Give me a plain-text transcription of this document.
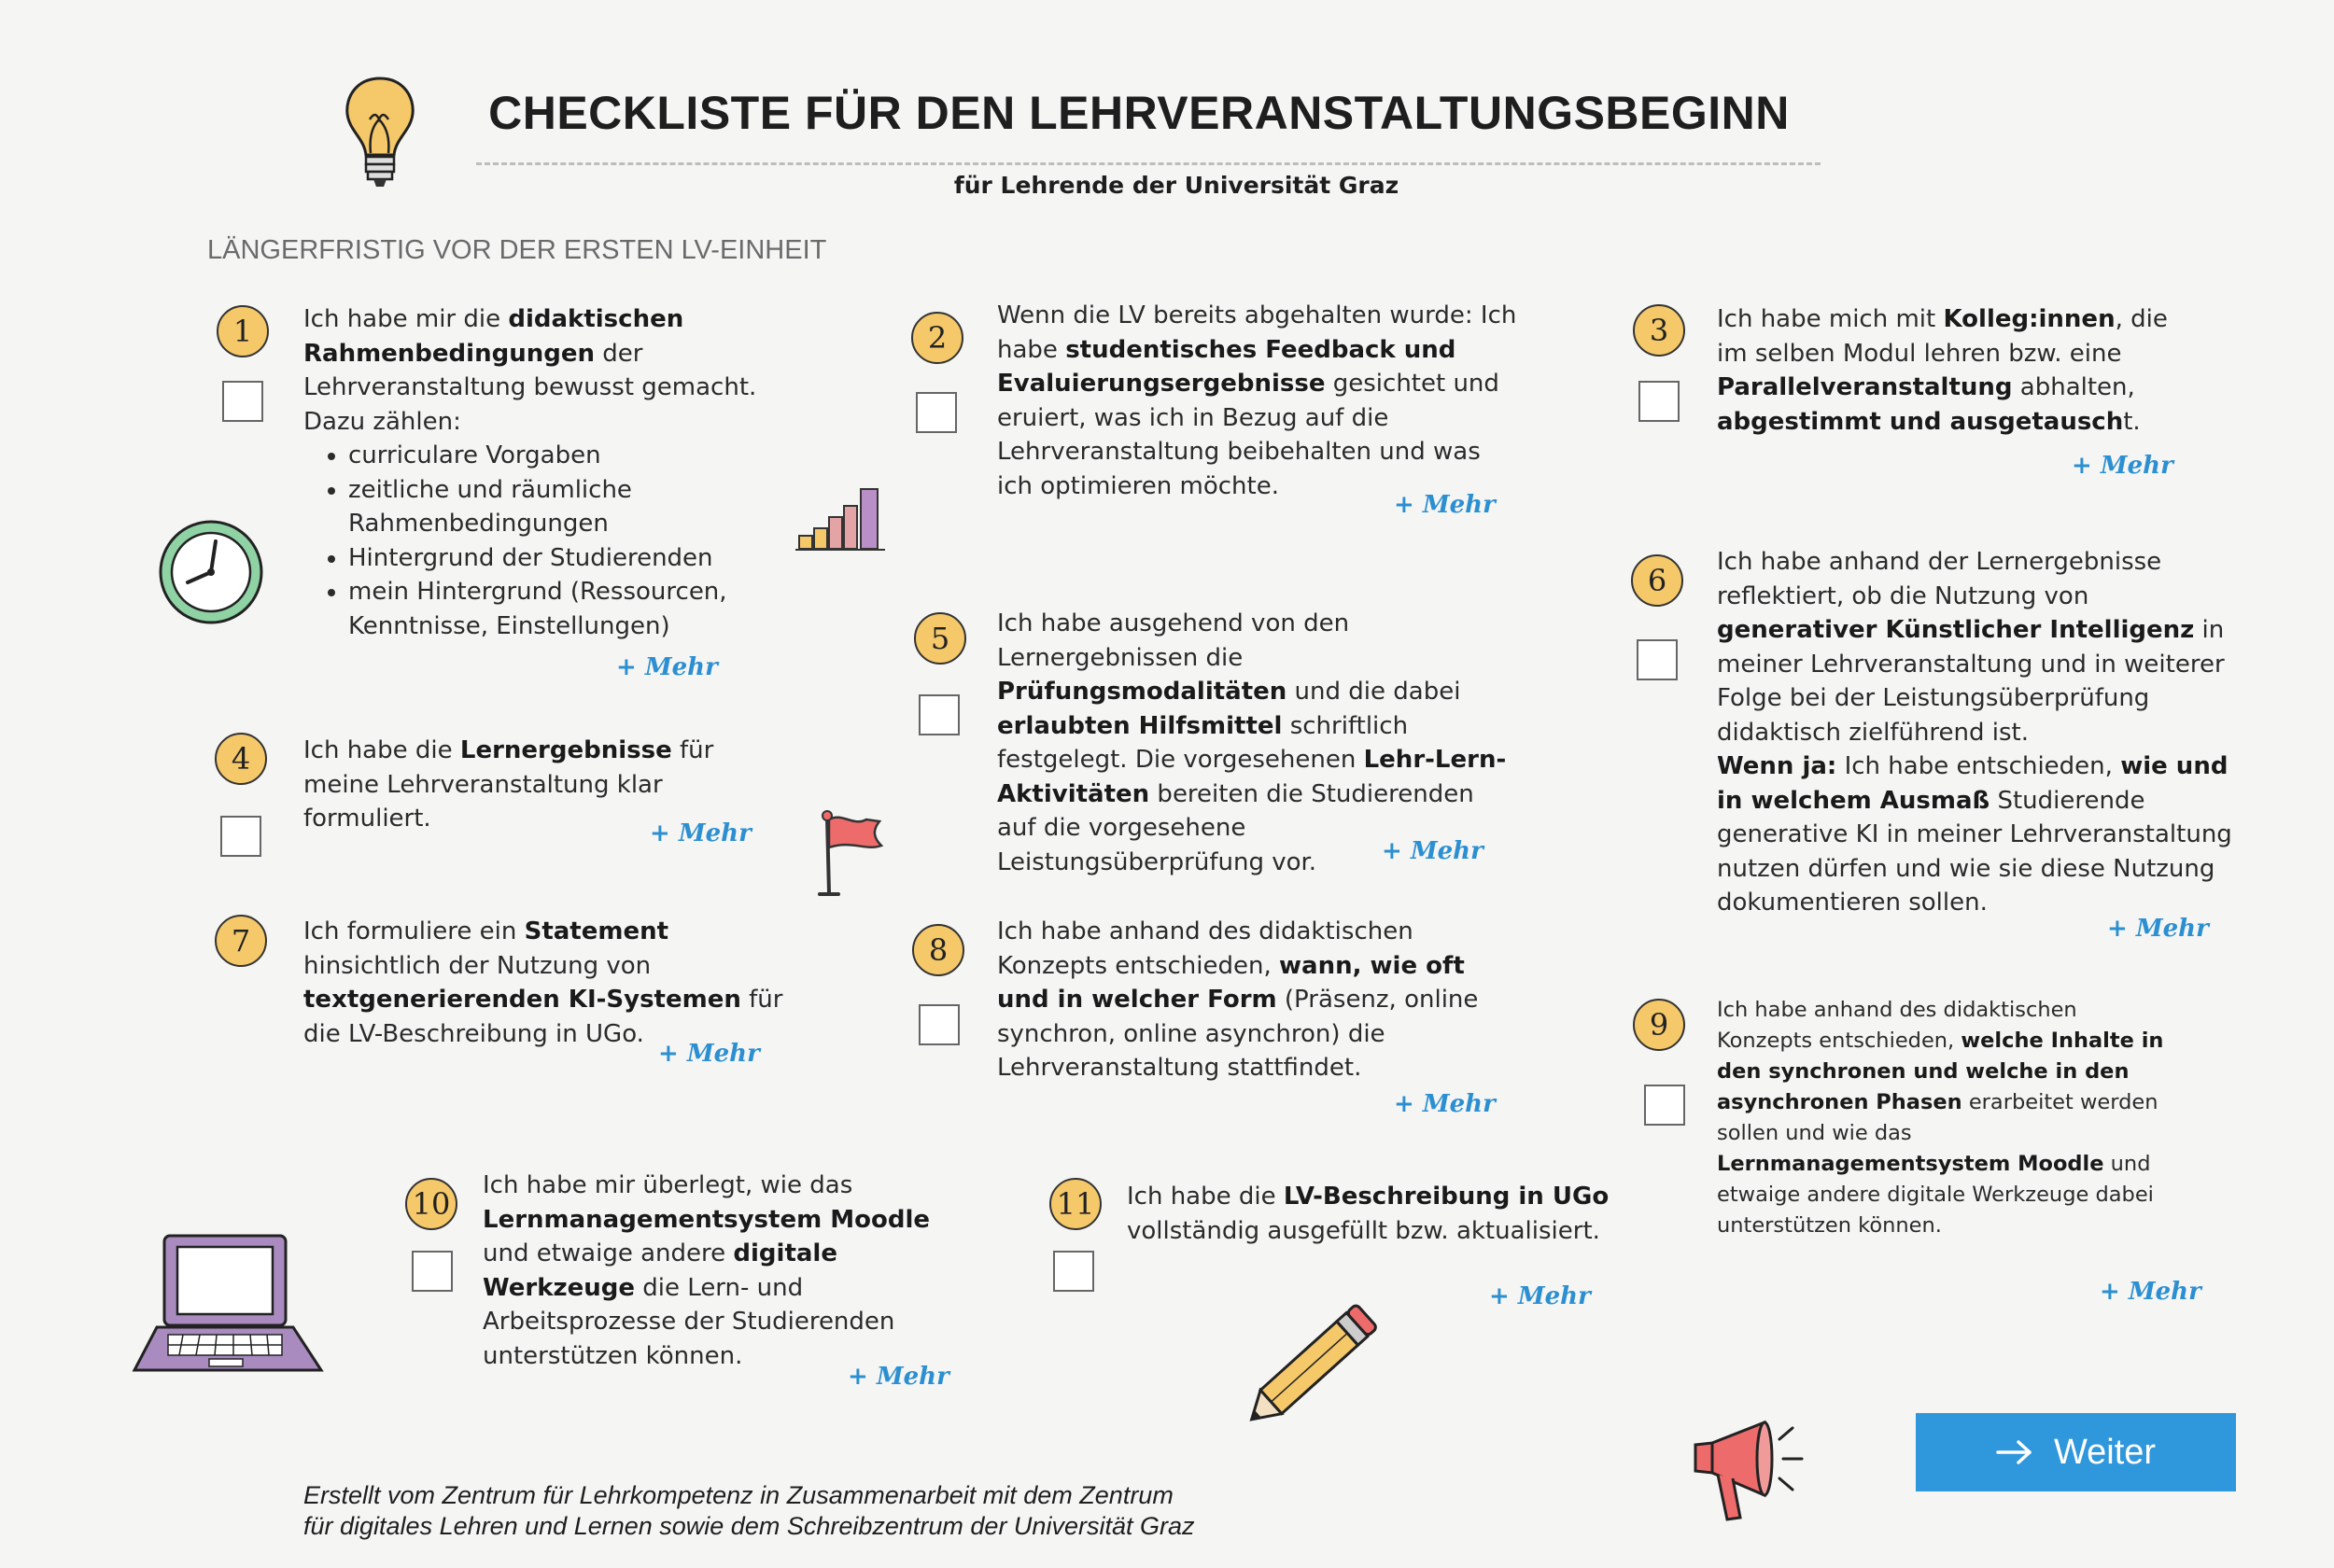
CHECKLISTE FÜR DEN LEHRVERANSTALTUNGSBEGINN
für Lehrende der Universität Graz
LÄNGERFRISTIG VOR DER ERSTEN LV-EINHEIT
1	Ich habe mir die didaktischen Rahmenbedingungen der Lehrveranstaltung bewusst gemacht. Dazu zählen:
• curriculare Vorgaben
• zeitliche und räumliche Rahmenbedingungen
• Hintergrund der Studierenden
• mein Hintergrund (Ressourcen, Kenntnisse, Einstellungen)
+ Mehr
2
Wenn die LV bereits abgehalten wurde: Ich habe studentisches Feedback und Evaluierungsergebnisse gesichtet und eruiert, was ich in Bezug auf die Lehrveranstaltung beibehalten und was ich optimieren möchte.
+ Mehr
3	Ich habe mich mit Kolleg:innen, die im selben Modul lehren bzw. eine Parallelveranstaltung abhalten, abgestimmt und ausgetauscht.
+ Mehr
4	Ich habe die Lernergebnisse für meine Lehrveranstaltung klar formuliert.
+ Mehr
5	Ich habe ausgehend von den Lernergebnissen die Prüfungsmodalitäten und die dabei erlaubten Hilfsmittel schriftlich festgelegt. Die vorgesehenen Lehr-Lern-Aktivitäten bereiten die Studierenden auf die vorgesehene Leistungsüberprüfung vor.	+ Mehr
6
Ich habe anhand der Lernergebnisse reflektiert, ob die Nutzung von generativer Künstlicher Intelligenz in meiner Lehrveranstaltung und in weiterer Folge bei der Leistungsüberprüfung didaktisch zielführend ist.
Wenn ja: Ich habe entschieden, wie und in welchem Ausmaß Studierende generative KI in meiner Lehrveranstaltung nutzen dürfen und wie sie diese Nutzung dokumentieren sollen.
+ Mehr
7	Ich formuliere ein Statement hinsichtlich der Nutzung von textgenerierenden KI-Systemen für die LV-Beschreibung in UGo.
+ Mehr
8
Ich habe anhand des didaktischen Konzepts entschieden, wann, wie oft und in welcher Form (Präsenz, online synchron, online asynchron) die Lehrveranstaltung stattfindet.
+ Mehr
9	Ich habe anhand des didaktischen Konzepts entschieden, welche Inhalte in den synchronen und welche in den asynchronen Phasen erarbeitet werden sollen und wie das Lernmanagementsystem Moodle und etwaige andere digitale Werkzeuge dabei unterstützen können.
+ Mehr
10
Ich habe mir überlegt, wie das Lernmanagementsystem Moodle und etwaige andere digitale Werkzeuge die Lern- und Arbeitsprozesse der Studierenden unterstützen können.
+ Mehr
11 Ich habe die LV-Beschreibung in UGo vollständig ausgefüllt bzw. aktualisiert.
+ Mehr
Weiter
Erstellt vom Zentrum für Lehrkompetenz in Zusammenarbeit mit dem Zentrum
für digitales Lehren und Lernen sowie dem Schreibzentrum der Universität Graz
